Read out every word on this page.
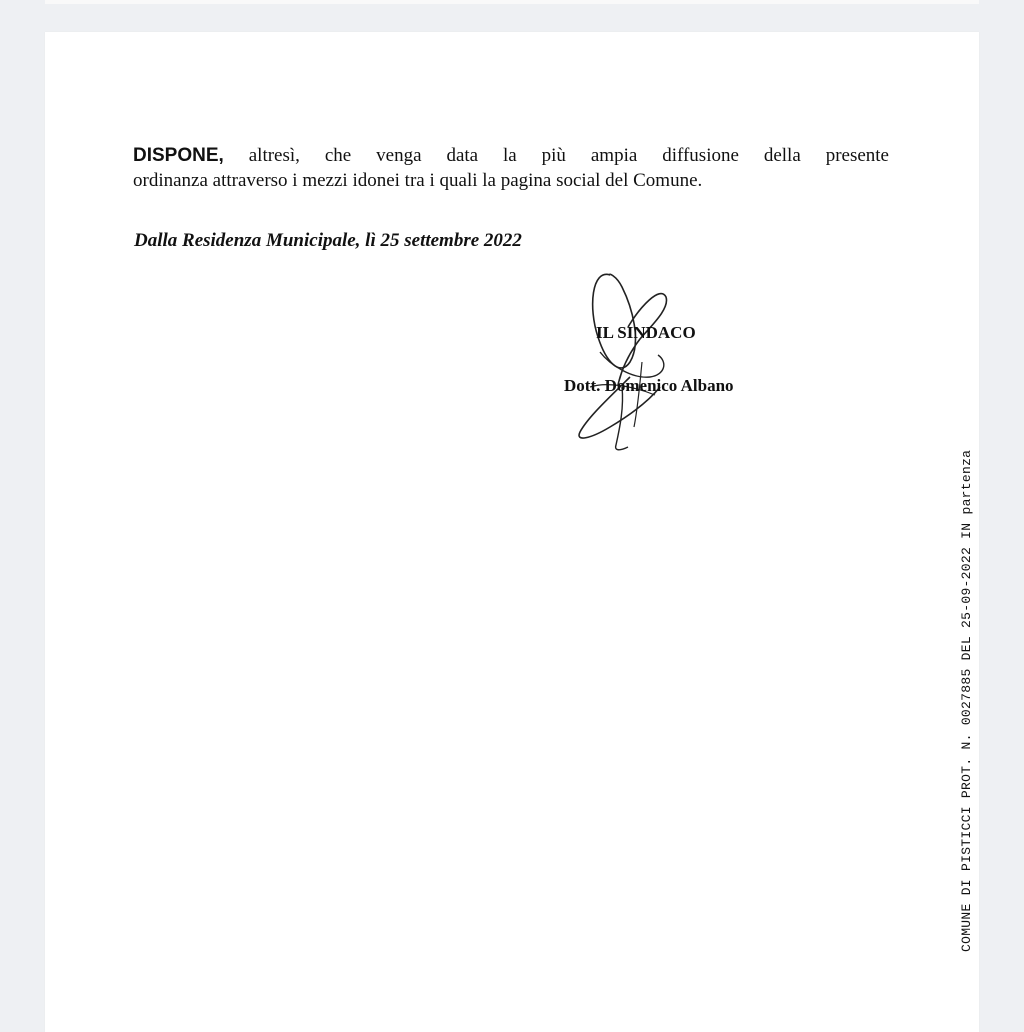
DISPONE, altresì, che venga data la più ampia diffusione della presente
ordinanza attraverso i mezzi idonei tra i quali la pagina social del Comune.

Dalla Residenza Municipale, lì 25 settembre 2022

IL SINDACO

Dott. Domenico Albano

COMUNE DI PISTICCI PROT. N. 0027885 DEL 25-09-2022 IN partenza
